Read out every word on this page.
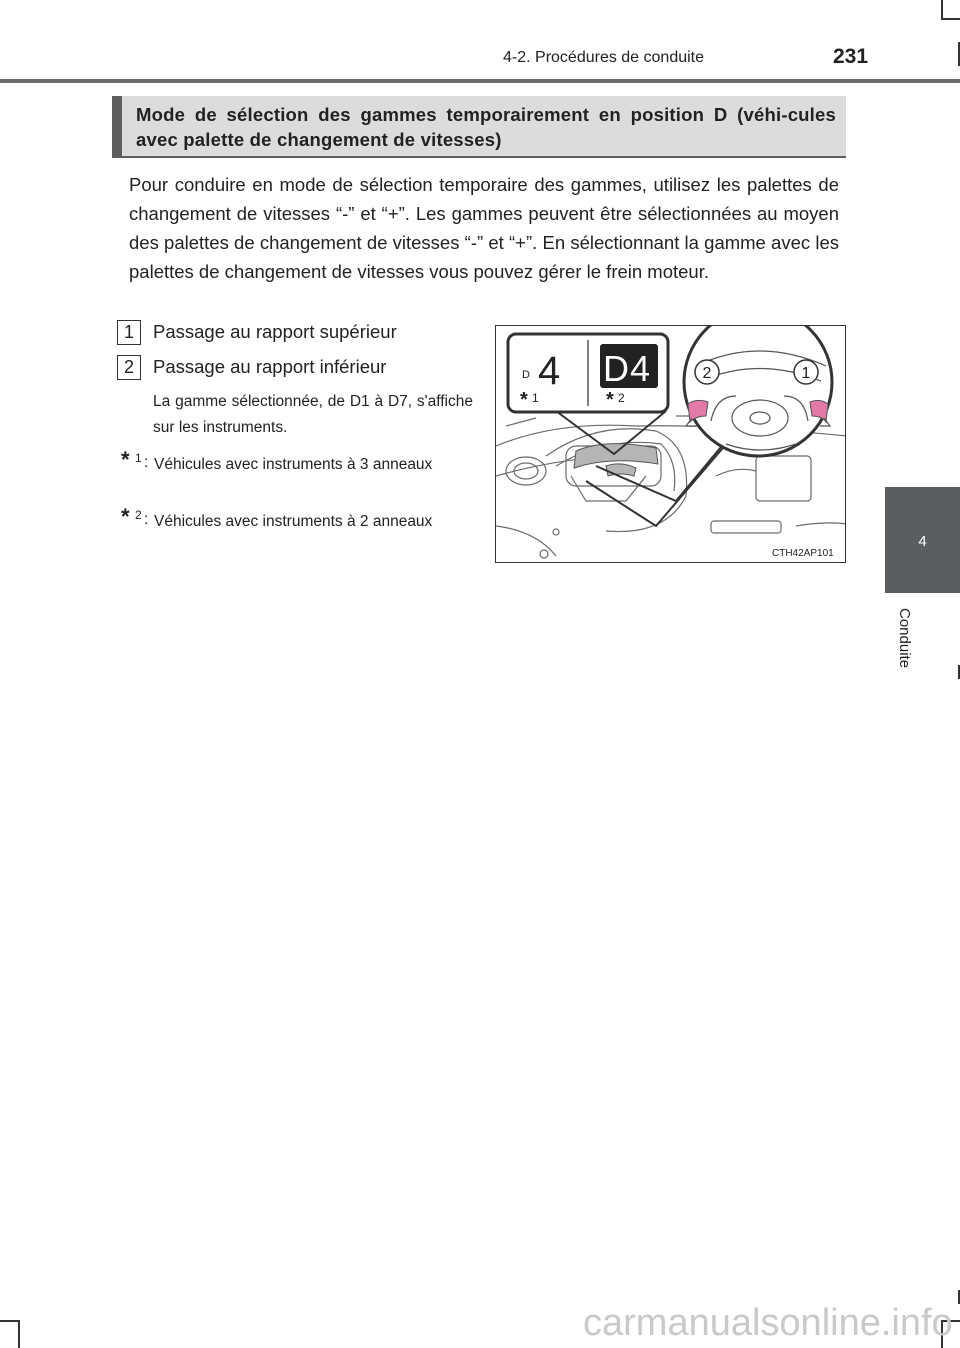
4-2. Procédures de conduite	231
Mode de sélection des gammes temporairement en position D (véhi-cules avec palette de changement de vitesses)
Pour conduire en mode de sélection temporaire des gammes, utilisez les palettes de changement de vitesses “-” et “+”. Les gammes peuvent être sélectionnées au moyen des palettes de changement de vitesses “-” et “+”. En sélectionnant la gamme avec les palettes de changement de vitesses vous pouvez gérer le frein moteur.
1	Passage au rapport supérieur
2	Passage au rapport inférieur
La gamme sélectionnée, de D1 à D7, s'affiche sur les instruments.
* 1 : Véhicules avec instruments à 3 anneaux
* 2 : Véhicules avec instruments à 2 anneaux
D 4 D4
* 1	* 2
2	1
CTH42AP101
4
Conduite
carmanualsonline.info
